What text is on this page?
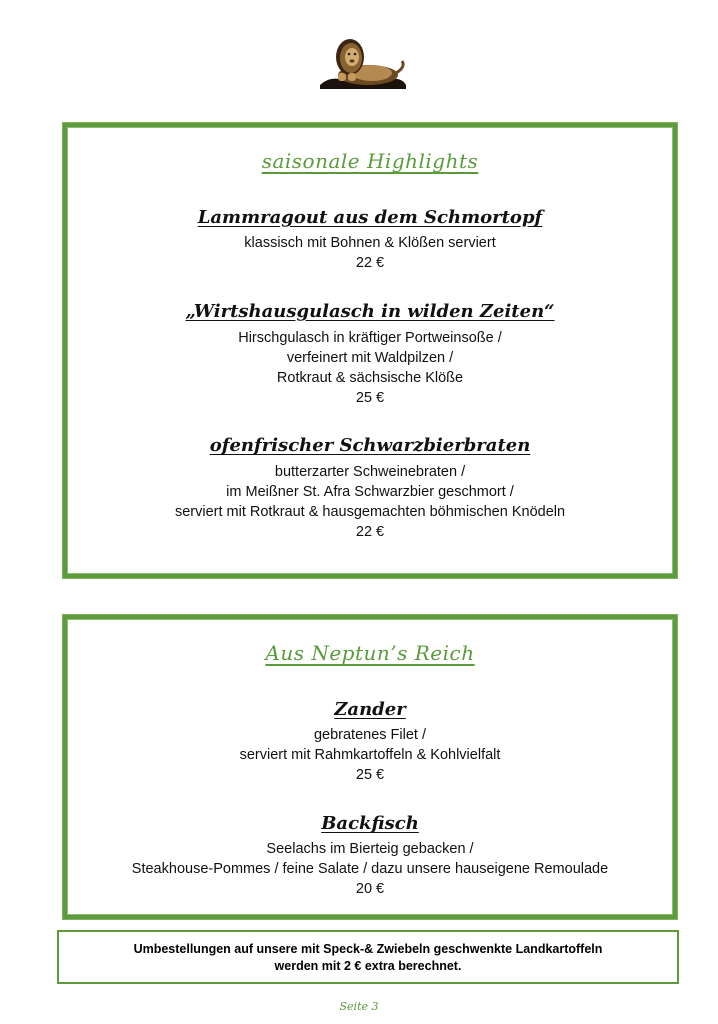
saisonale Highlights
Lammragout aus dem Schmortopf
klassisch mit Bohnen & Klößen serviert
22 €
„Wirtshausgulasch in wilden Zeiten“
Hirschgulasch in kräftiger Portweinsoße /
verfeinert mit Waldpilzen /
Rotkraut & sächsische Klöße
25 €
ofenfrischer Schwarzbierbraten
butterzarter Schweinebraten /
im Meißner St. Afra Schwarzbier geschmort /
serviert mit Rotkraut & hausgemachten böhmischen Knödeln
22 €
Aus Neptun’s Reich
Zander
gebratenes Filet /
serviert mit Rahmkartoffeln & Kohlvielfalt
25 €
Backfisch
Seelachs im Bierteig gebacken /
Steakhouse-Pommes / feine Salate / dazu unsere hauseigene Remoulade
20 €
Umbestellungen auf unsere mit Speck-& Zwiebeln geschwenkte Landkartoffeln
werden mit 2 € extra berechnet.
Seite 3
